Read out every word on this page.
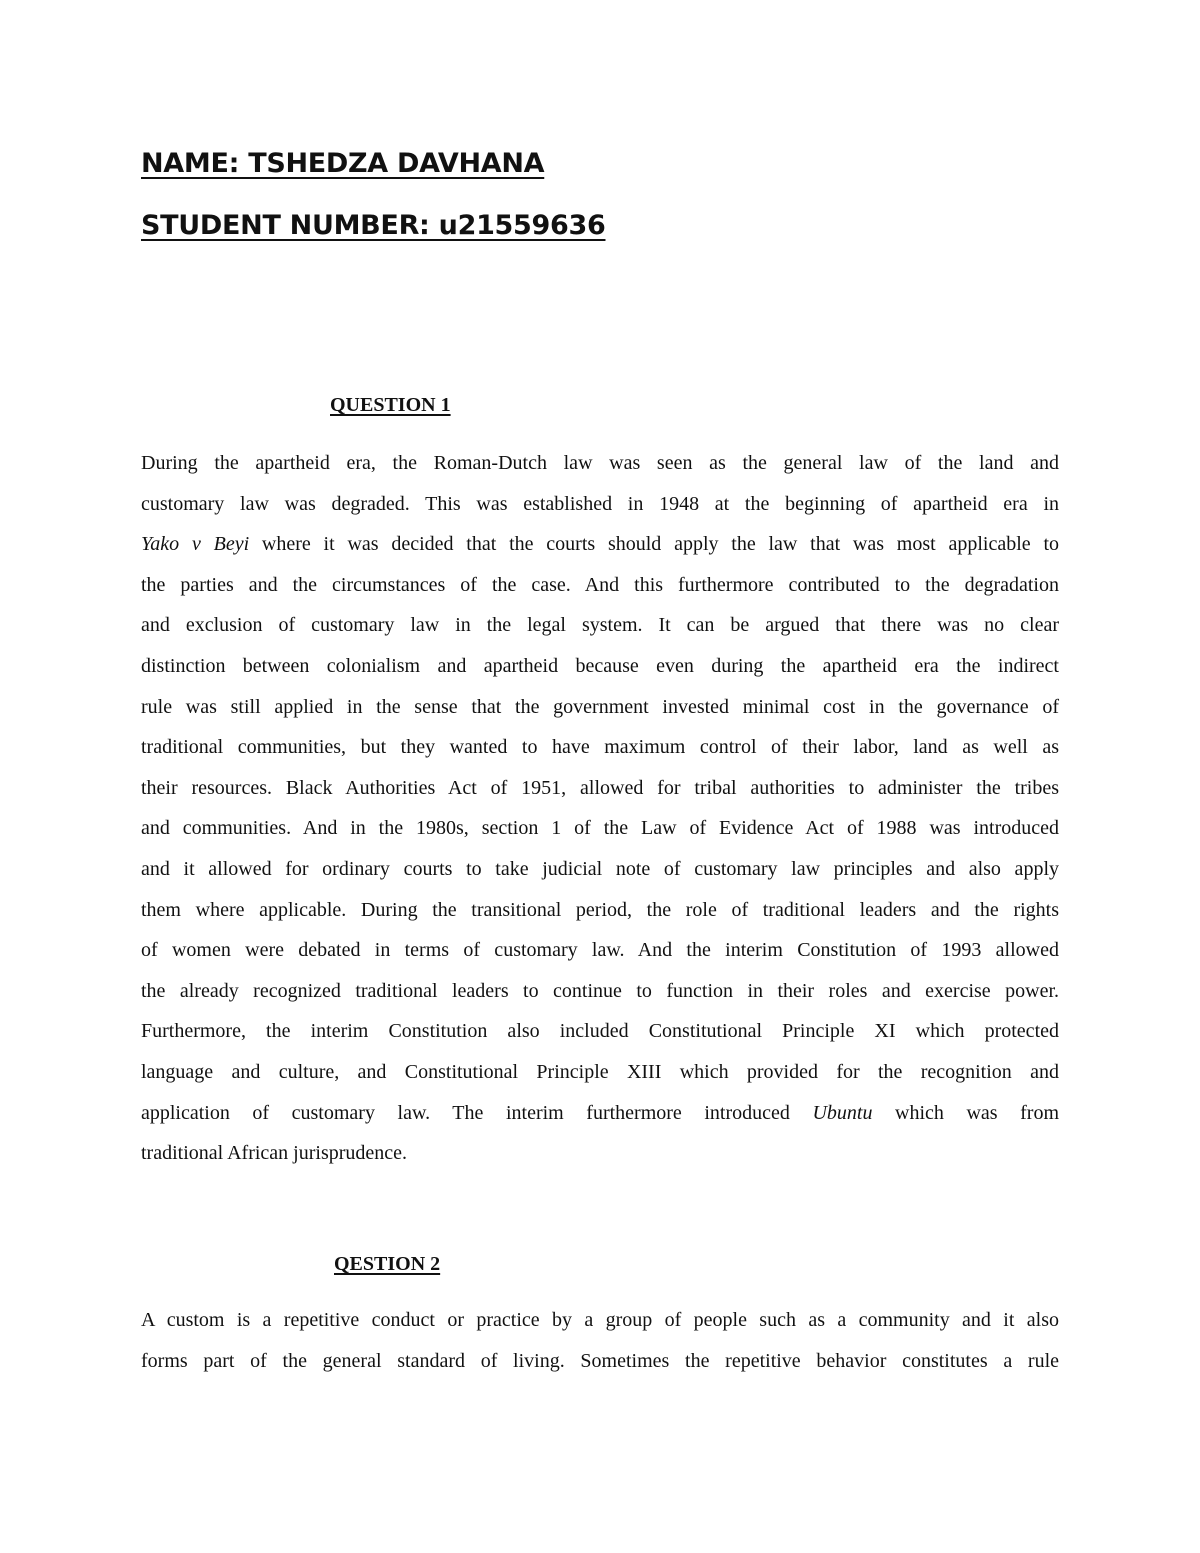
NAME: TSHEDZA DAVHANA
STUDENT NUMBER: u21559636
QUESTION 1

During the apartheid era, the Roman-Dutch law was seen as the general law of the land and
customary law was degraded. This was established in 1948 at the beginning of apartheid era in
Yako v Beyi where it was decided that the courts should apply the law that was most applicable to
the parties and the circumstances of the case. And this furthermore contributed to the degradation
and exclusion of customary law in the legal system. It can be argued that there was no clear
distinction between colonialism and apartheid because even during the apartheid era the indirect
rule was still applied in the sense that the government invested minimal cost in the governance of
traditional communities, but they wanted to have maximum control of their labor, land as well as
their resources. Black Authorities Act of 1951, allowed for tribal authorities to administer the tribes
and communities. And in the 1980s, section 1 of the Law of Evidence Act of 1988 was introduced
and it allowed for ordinary courts to take judicial note of customary law principles and also apply
them where applicable. During the transitional period, the role of traditional leaders and the rights
of women were debated in terms of customary law. And the interim Constitution of 1993 allowed
the already recognized traditional leaders to continue to function in their roles and exercise power.
Furthermore, the interim Constitution also included Constitutional Principle XI which protected
language and culture, and Constitutional Principle XIII which provided for the recognition and
application of customary law. The interim furthermore introduced Ubuntu which was from
traditional African jurisprudence.

QESTION 2

A custom is a repetitive conduct or practice by a group of people such as a community and it also
forms part of the general standard of living. Sometimes the repetitive behavior constitutes a rule
